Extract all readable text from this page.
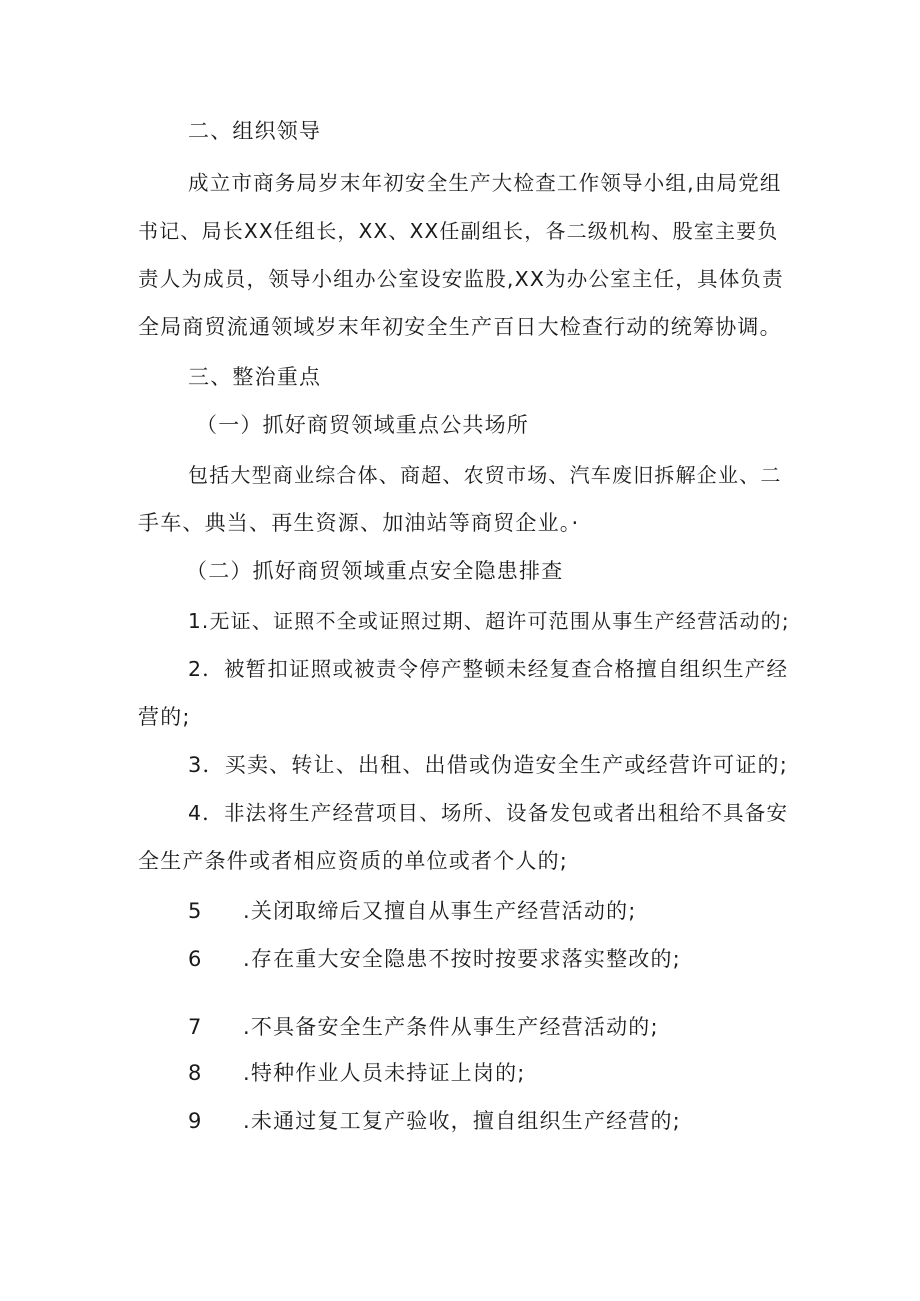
二、组织领导
成立市商务局岁末年初安全生产大检查工作领导小组,由局党组
书记、局长XX任组长，XX、XX任副组长，各二级机构、股室主要负
责人为成员，领导小组办公室设安监股,XX为办公室主任，具体负责
全局商贸流通领域岁末年初安全生产百日大检查行动的统筹协调。
三、整治重点
（一）抓好商贸领域重点公共场所
包括大型商业综合体、商超、农贸市场、汽车废旧拆解企业、二
手车、典当、再生资源、加油站等商贸企业。·
（二）抓好商贸领域重点安全隐患排查
1.无证、证照不全或证照过期、超许可范围从事生产经营活动的;
2．被暂扣证照或被责令停产整顿未经复查合格擅自组织生产经
营的;
3．买卖、转让、出租、出借或伪造安全生产或经营许可证的;
4．非法将生产经营项目、场所、设备发包或者出租给不具备安
全生产条件或者相应资质的单位或者个人的;
5 .关闭取缔后又擅自从事生产经营活动的;
6 .存在重大安全隐患不按时按要求落实整改的;
7 .不具备安全生产条件从事生产经营活动的;
8 .特种作业人员未持证上岗的;
9 .未通过复工复产验收，擅自组织生产经营的;
